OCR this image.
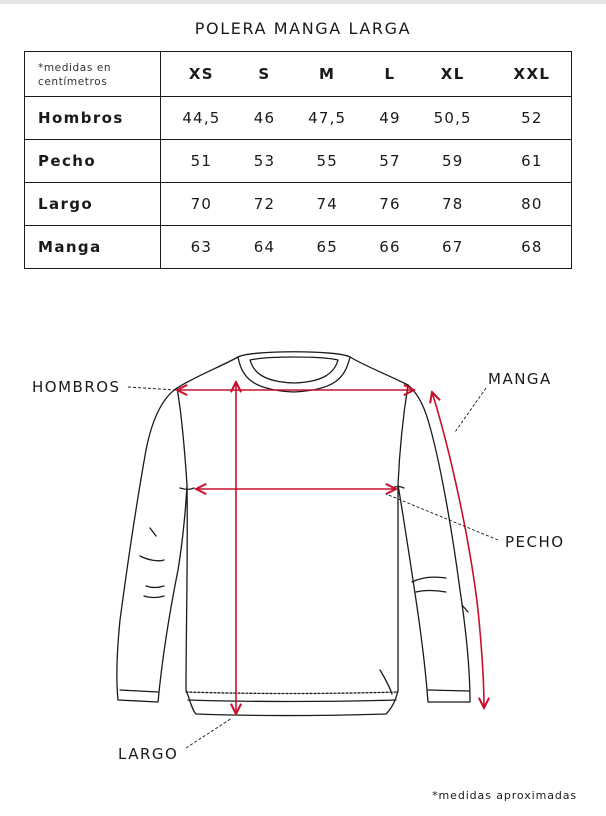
POLERA MANGA LARGA
*medidas en
centímetros	XS	S	M	L	XL	XXL
Hombros	44,5	46	47,5	49	50,5	52
Pecho	51	53	55	57	59	61
Largo	70	72	74	76	78	80
Manga	63	64	65	66	67	68
HOMBROS	MANGA
PECHO
LARGO
*medidas aproximadas
